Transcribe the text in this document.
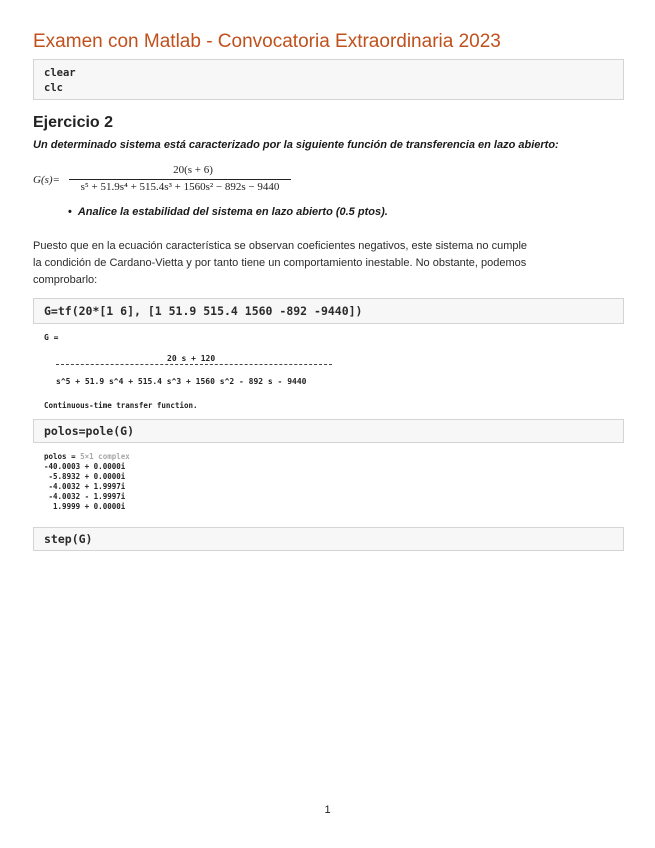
Examen con Matlab - Convocatoria Extraordinaria 2023
clear
clc
Ejercicio 2
Un determinado sistema está caracterizado por la siguiente función de transferencia en lazo abierto:
G(s)=
20(s + 6)
s⁵ + 51.9s⁴ + 515.4s³ + 1560s² − 892s − 9440
• Analice la estabilidad del sistema en lazo abierto (0.5 ptos).
Puesto que en la ecuación característica se observan coeficientes negativos, este sistema no cumple
la condición de Cardano-Vietta y por tanto tiene un comportamiento inestable. No obstante, podemos
comprobarlo:
G=tf(20*[1 6], [1 51.9 515.4 1560 -892 -9440])
G =
20 s + 120
s^5 + 51.9 s^4 + 515.4 s^3 + 1560 s^2 - 892 s - 9440
Continuous-time transfer function.
polos=pole(G)
polos = 5×1 complex
-40.0003 + 0.0000i
-5.8932 + 0.0000i
-4.0032 + 1.9997i
-4.0032 - 1.9997i
1.9999 + 0.0000i
step(G)
1
